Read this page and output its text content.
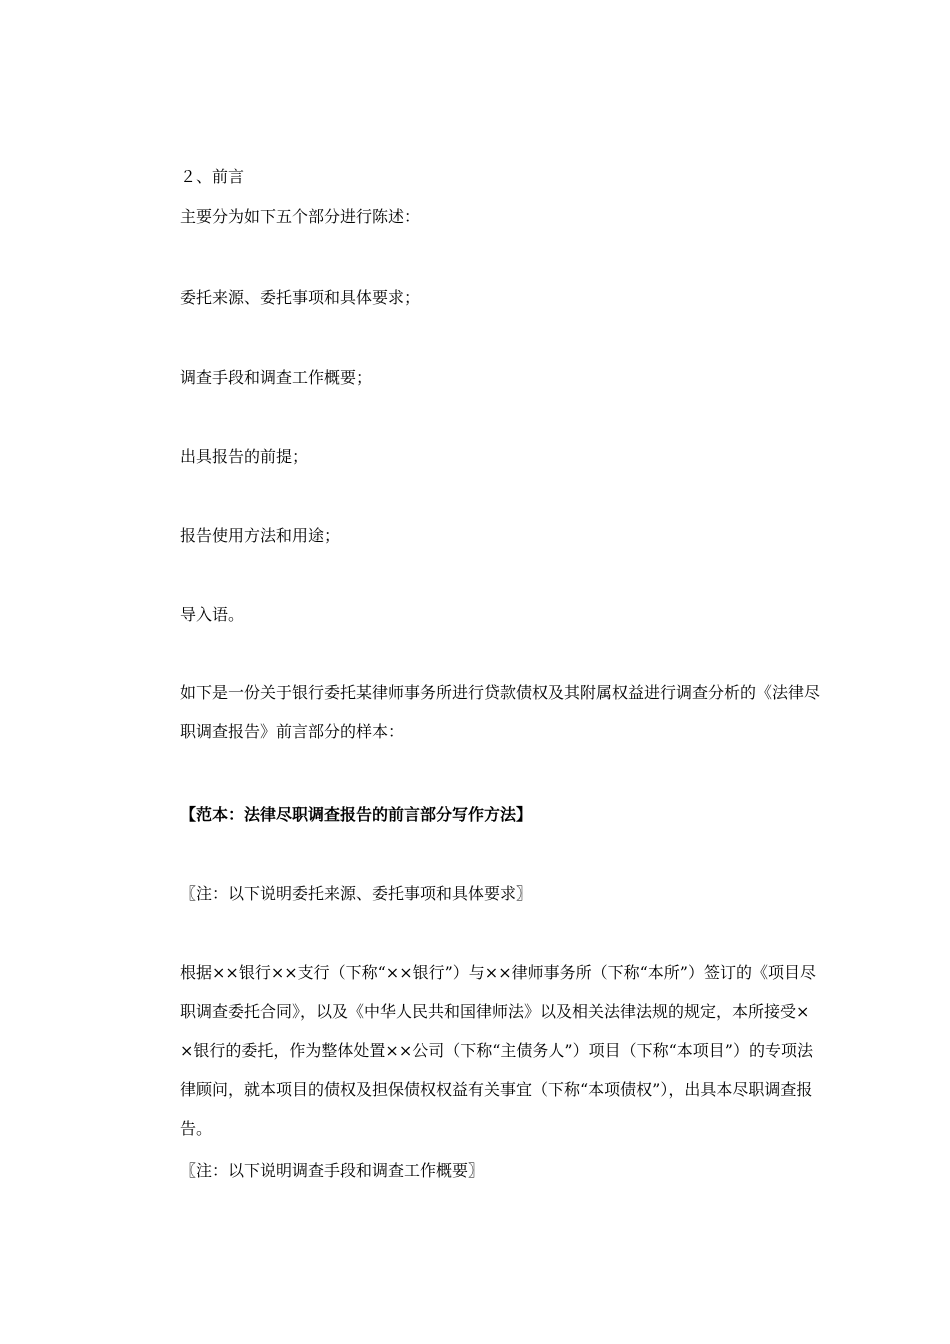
２、前言
主要分为如下五个部分进行陈述：
委托来源、委托事项和具体要求；
调查手段和调查工作概要；
出具报告的前提；
报告使用方法和用途；
导入语。
如下是一份关于银行委托某律师事务所进行贷款债权及其附属权益进行调查分析的《法律尽职调查报告》前言部分的样本：
【范本：法律尽职调查报告的前言部分写作方法】
〖注：以下说明委托来源、委托事项和具体要求〗
根据××银行××支行（下称“××银行”）与××律师事务所（下称“本所”）签订的《项目尽职调查委托合同》，以及《中华人民共和国律师法》以及相关法律法规的规定，本所接受××银行的委托，作为整体处置××公司（下称“主债务人”）项目（下称“本项目”）的专项法律顾问，就本项目的债权及担保债权权益有关事宜（下称“本项债权”），出具本尽职调查报告。
〖注：以下说明调查手段和调查工作概要〗
